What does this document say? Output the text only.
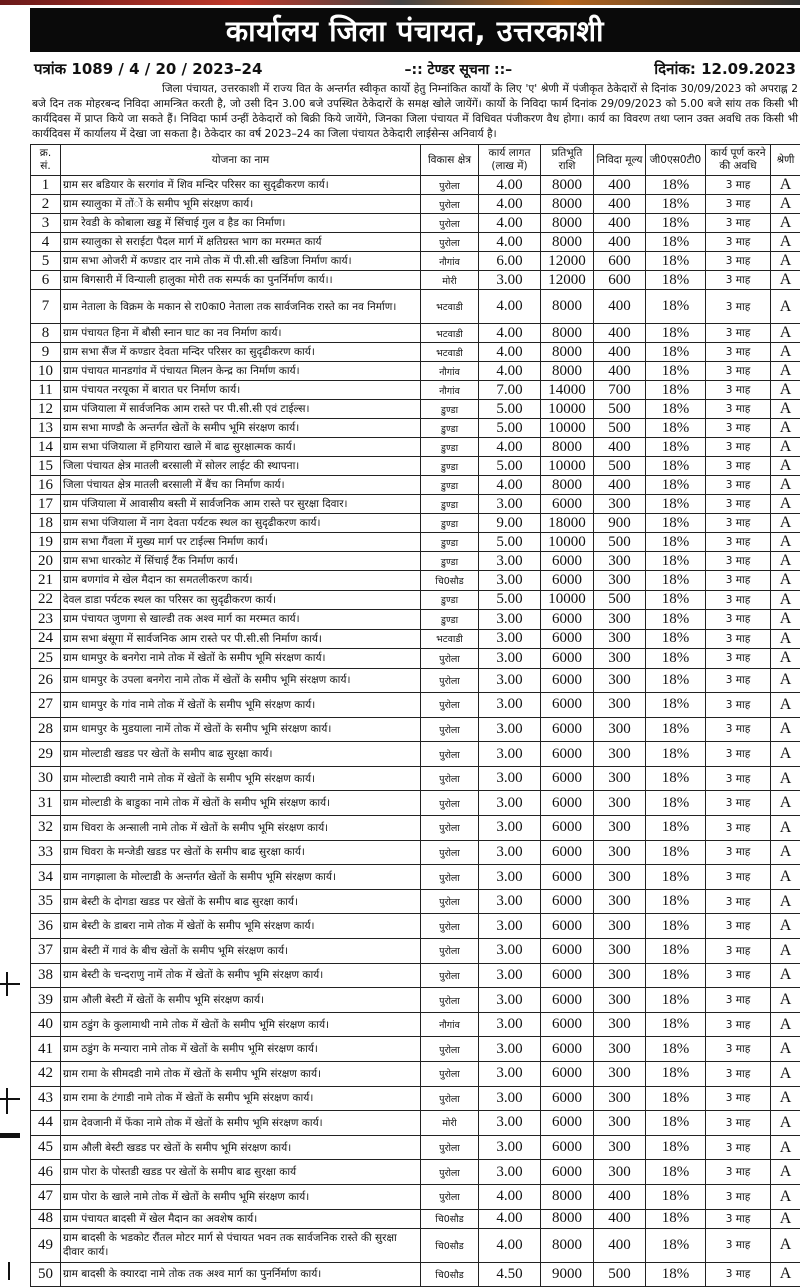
कार्यालय जिला पंचायत, उत्तरकाशी
पत्रांक 1089 / 4 / 20 / 2023–24	–:: टेण्डर सूचना ::–	दिनांक: 12.09.2023
जिला पंचायत, उत्तरकाशी में राज्य वित के अन्तर्गत स्वीकृत कार्यो हेतु निम्नांकित कार्यों के लिए 'ए' श्रेणी में पंजीकृत ठेकेदारों से दिनांक 30/09/2023 को अपराह्न 2 बजे दिन तक मोहरबन्द निविदा आमन्त्रित करती है, जो उसी दिन 3.00 बजे उपस्थित ठेकेदारों के समक्ष खोले जायेंगें। कार्यो के निविदा फार्म दिनांक 29/09/2023 को 5.00 बजे सांय तक किसी भी कार्यदिवस में प्राप्त किये जा सकते हैं। निविदा फार्म उन्हीं ठेकेदारों को बिक्री किये जायेंगे, जिनका जिला पंचायत में विधिवत पंजीकरण वैध होगा। कार्य का विवरण तथा प्लान उक्त अवधि तक किसी भी कार्यदिवस में कार्यालय में देखा जा सकता है। ठेकेदार का वर्ष 2023–24 का जिला पंचायत ठेकेदारी लाईसेन्स अनिवार्य है।
क्र. सं.	योजना का नाम	विकास क्षेत्र	कार्य लागत (लाख में)	प्रतिभूति राशि	निविदा मूल्य	जी0एस0टी0	कार्य पूर्ण करने की अवधि	श्रेणी
1	ग्राम सर बडियार के सरगांव में शिव मन्दिर परिसर का सुदृढीकरण कार्य।	पुरोला	4.00	8000	400	18%	3 माह	A
2	ग्राम स्यालुका में तोंों के समीप भूमि संरक्षण कार्य।	पुरोला	4.00	8000	400	18%	3 माह	A
3	ग्राम रेवडी के कोबाला खड्ड में सिंचाई गुल व हैड का निर्माण।	पुरोला	4.00	8000	400	18%	3 माह	A
4	ग्राम स्यालुका से सराईटा पैदल मार्ग में क्षतिग्रस्त भाग का मरम्मत कार्य	पुरोला	4.00	8000	400	18%	3 माह	A
5	ग्राम सभा ओजरी में कण्डार दार नामे तोक में पी.सी.सी खडिजा निर्माण कार्य।	नौगांव	6.00	12000	600	18%	3 माह	A
6	ग्राम बिगसारी में विन्याली हालुका मोरी तक सम्पर्क का पुनर्निर्माण कार्य।।	मोरी	3.00	12000	600	18%	3 माह	A
7	ग्राम नेताला के विक्रम के मकान से रा0का0 नेताला तक सार्वजनिक रास्ते का नव निर्माण।	भटवाडी	4.00	8000	400	18%	3 माह	A
8	ग्राम पंचायत हिना में बौसी स्नान घाट का नव निर्माण कार्य।	भटवाडी	4.00	8000	400	18%	3 माह	A
9	ग्राम सभा सैंज में कण्डार देवता मन्दिर परिसर का सुदृढीकरण कार्य।	भटवाडी	4.00	8000	400	18%	3 माह	A
10	ग्राम पंचायत मानडगांव में पंचायत मिलन केन्द्र का निर्माण कार्य।	नौगांव	4.00	8000	400	18%	3 माह	A
11	ग्राम पंचायत नरयूका में बारात घर निर्माण कार्य।	नौगांव	7.00	14000	700	18%	3 माह	A
12	ग्राम पंजियाला में सार्वजनिक आम रास्ते पर पी.सी.सी एवं टाईल्स।	डुण्डा	5.00	10000	500	18%	3 माह	A
13	ग्राम सभा माण्डौ के अन्तर्गत खेतों के समीप भूमि संरक्षण कार्य।	डुण्डा	5.00	10000	500	18%	3 माह	A
14	ग्राम सभा पंजियाला में हगियारा खाले में बाढ सुरक्षात्मक कार्य।	डुण्डा	4.00	8000	400	18%	3 माह	A
15	जिला पंचायत क्षेत्र मातली बरसाली में सोलर लाईट की स्थापना।	डुण्डा	5.00	10000	500	18%	3 माह	A
16	जिला पंचायत क्षेत्र मातली बरसाली में बैंच का निर्माण कार्य।	डुण्डा	4.00	8000	400	18%	3 माह	A
17	ग्राम पंजियाला में आवासीय बस्ती में सार्वजनिक आम रास्ते पर सुरक्षा दिवार।	डुण्डा	3.00	6000	300	18%	3 माह	A
18	ग्राम सभा पंजियाला में नाग देवता पर्यटक स्थल का सुदृढीकरण कार्य।	डुण्डा	9.00	18000	900	18%	3 माह	A
19	ग्राम सभा गैंवला में मुख्य मार्ग पर टाईल्स निर्माण कार्य।	डुण्डा	5.00	10000	500	18%	3 माह	A
20	ग्राम सभा धारकोट में सिंचाई टैंक निर्माण कार्य।	डुण्डा	3.00	6000	300	18%	3 माह	A
21	ग्राम बणगांव मे खेल मैदान का समतलीकरण कार्य।	चि0सौड	3.00	6000	300	18%	3 माह	A
22	देवल डाडा पर्यटक स्थल का परिसर का सुदृढीकरण कार्य।	डुण्डा	5.00	10000	500	18%	3 माह	A
23	ग्राम पंचायत जुणगा से खाल्डी तक अश्व मार्ग का मरम्मत कार्य।	डुण्डा	3.00	6000	300	18%	3 माह	A
24	ग्राम सभा बंसूगा में सार्वजनिक आम रास्ते पर पी.सी.सी निर्माण कार्य।	भटवाडी	3.00	6000	300	18%	3 माह	A
25	ग्राम धामपुर के बनगेरा नामे तोक में खेतों के समीप भूमि संरक्षण कार्य।	पुरोला	3.00	6000	300	18%	3 माह	A
26	ग्राम धामपुर के उपला बनगेरा नामे तोक में खेतों के समीप भूमि संरक्षण कार्य।	पुरोला	3.00	6000	300	18%	3 माह	A
27	ग्राम धामपुर के गांव नामे तोक में खेतों के समीप भूमि संरक्षण कार्य।	पुरोला	3.00	6000	300	18%	3 माह	A
28	ग्राम धामपुर के मुडयाला नामें तोक में खेतों के समीप भूमि संरक्षण कार्य।	पुरोला	3.00	6000	300	18%	3 माह	A
29	ग्राम मोल्टाडी खडड पर खेतों के समीप बाढ सुरक्षा कार्य।	पुरोला	3.00	6000	300	18%	3 माह	A
30	ग्राम मोल्टाडी क्यारी नामे तोक में खेतों के समीप भूमि संरक्षण कार्य।	पुरोला	3.00	6000	300	18%	3 माह	A
31	ग्राम मोल्टाडी के बाडुका नामे तोक में खेतों के समीप भूमि संरक्षण कार्य।	पुरोला	3.00	6000	300	18%	3 माह	A
32	ग्राम धिवरा के अन्साली नामे तोक में खेतों के समीप भूमि संरक्षण कार्य।	पुरोला	3.00	6000	300	18%	3 माह	A
33	ग्राम धिवरा के मन्जेडी खडड पर खेतों के समीप बाढ सुरक्षा कार्य।	पुरोला	3.00	6000	300	18%	3 माह	A
34	ग्राम नागझाला के मोल्टाडी के अन्तर्गत खेतों के समीप भूमि संरक्षण कार्य।	पुरोला	3.00	6000	300	18%	3 माह	A
35	ग्राम बेस्टी के दोगडा खडड पर खेतों के समीप बाढ सुरक्षा कार्य।	पुरोला	3.00	6000	300	18%	3 माह	A
36	ग्राम बेस्टी के डाबरा नामे तोक में खेतों के समीप भूमि संरक्षण कार्य।	पुरोला	3.00	6000	300	18%	3 माह	A
37	ग्राम बेस्टी में गावं के बीच खेतों के समीप भूमि संरक्षण कार्य।	पुरोला	3.00	6000	300	18%	3 माह	A
38	ग्राम बेस्टी के चन्दराणु नामें तोक में खेतों के समीप भूमि संरक्षण कार्य।	पुरोला	3.00	6000	300	18%	3 माह	A
39	ग्राम औली बेस्टी में खेतों के समीप भूमि संरक्षण कार्य।	पुरोला	3.00	6000	300	18%	3 माह	A
40	ग्राम ठडुंग के कुलामाथी नामे तोक में खेतों के समीप भूमि संरक्षण कार्य।	नौगांव	3.00	6000	300	18%	3 माह	A
41	ग्राम ठडुंग के मन्यारा नामे तोक में खेतों के समीप भूमि संरक्षण कार्य।	पुरोला	3.00	6000	300	18%	3 माह	A
42	ग्राम रामा के सीमदडी नामे तोक में खेतों के समीप भूमि संरक्षण कार्य।	पुरोला	3.00	6000	300	18%	3 माह	A
43	ग्राम रामा के टंगाडी नामे तोक में खेतों के समीप भूमि संरक्षण कार्य।	पुरोला	3.00	6000	300	18%	3 माह	A
44	ग्राम देवजानी में फेंका नामे तोक में खेतों के समीप भूमि संरक्षण कार्य।	मोरी	3.00	6000	300	18%	3 माह	A
45	ग्राम औली बेस्टी खडड पर खेतों के समीप भूमि संरक्षण कार्य।	पुरोला	3.00	6000	300	18%	3 माह	A
46	ग्राम पोरा के पोस्तडी खडड पर खेतों के समीप बाढ सुरक्षा कार्य	पुरोला	3.00	6000	300	18%	3 माह	A
47	ग्राम पोरा के खाले नामे तोक में खेतों के समीप भूमि संरक्षण कार्य।	पुरोला	4.00	8000	400	18%	3 माह	A
48	ग्राम पंचायत बादसी में खेल मैदान का अवशेष कार्य।	चि0सौड	4.00	8000	400	18%	3 माह	A
49	ग्राम बादसी के भडकोट रौंतल मोटर मार्ग से पंचायत भवन तक सार्वजनिक रास्ते की सुरक्षा दीवार कार्य।	चि0सौड	4.00	8000	400	18%	3 माह	A
50	ग्राम बादसी के क्यारदा नामे तोक तक अश्व मार्ग का पुनर्निर्माण कार्य।	चि0सौड	4.50	9000	500	18%	3 माह	A
